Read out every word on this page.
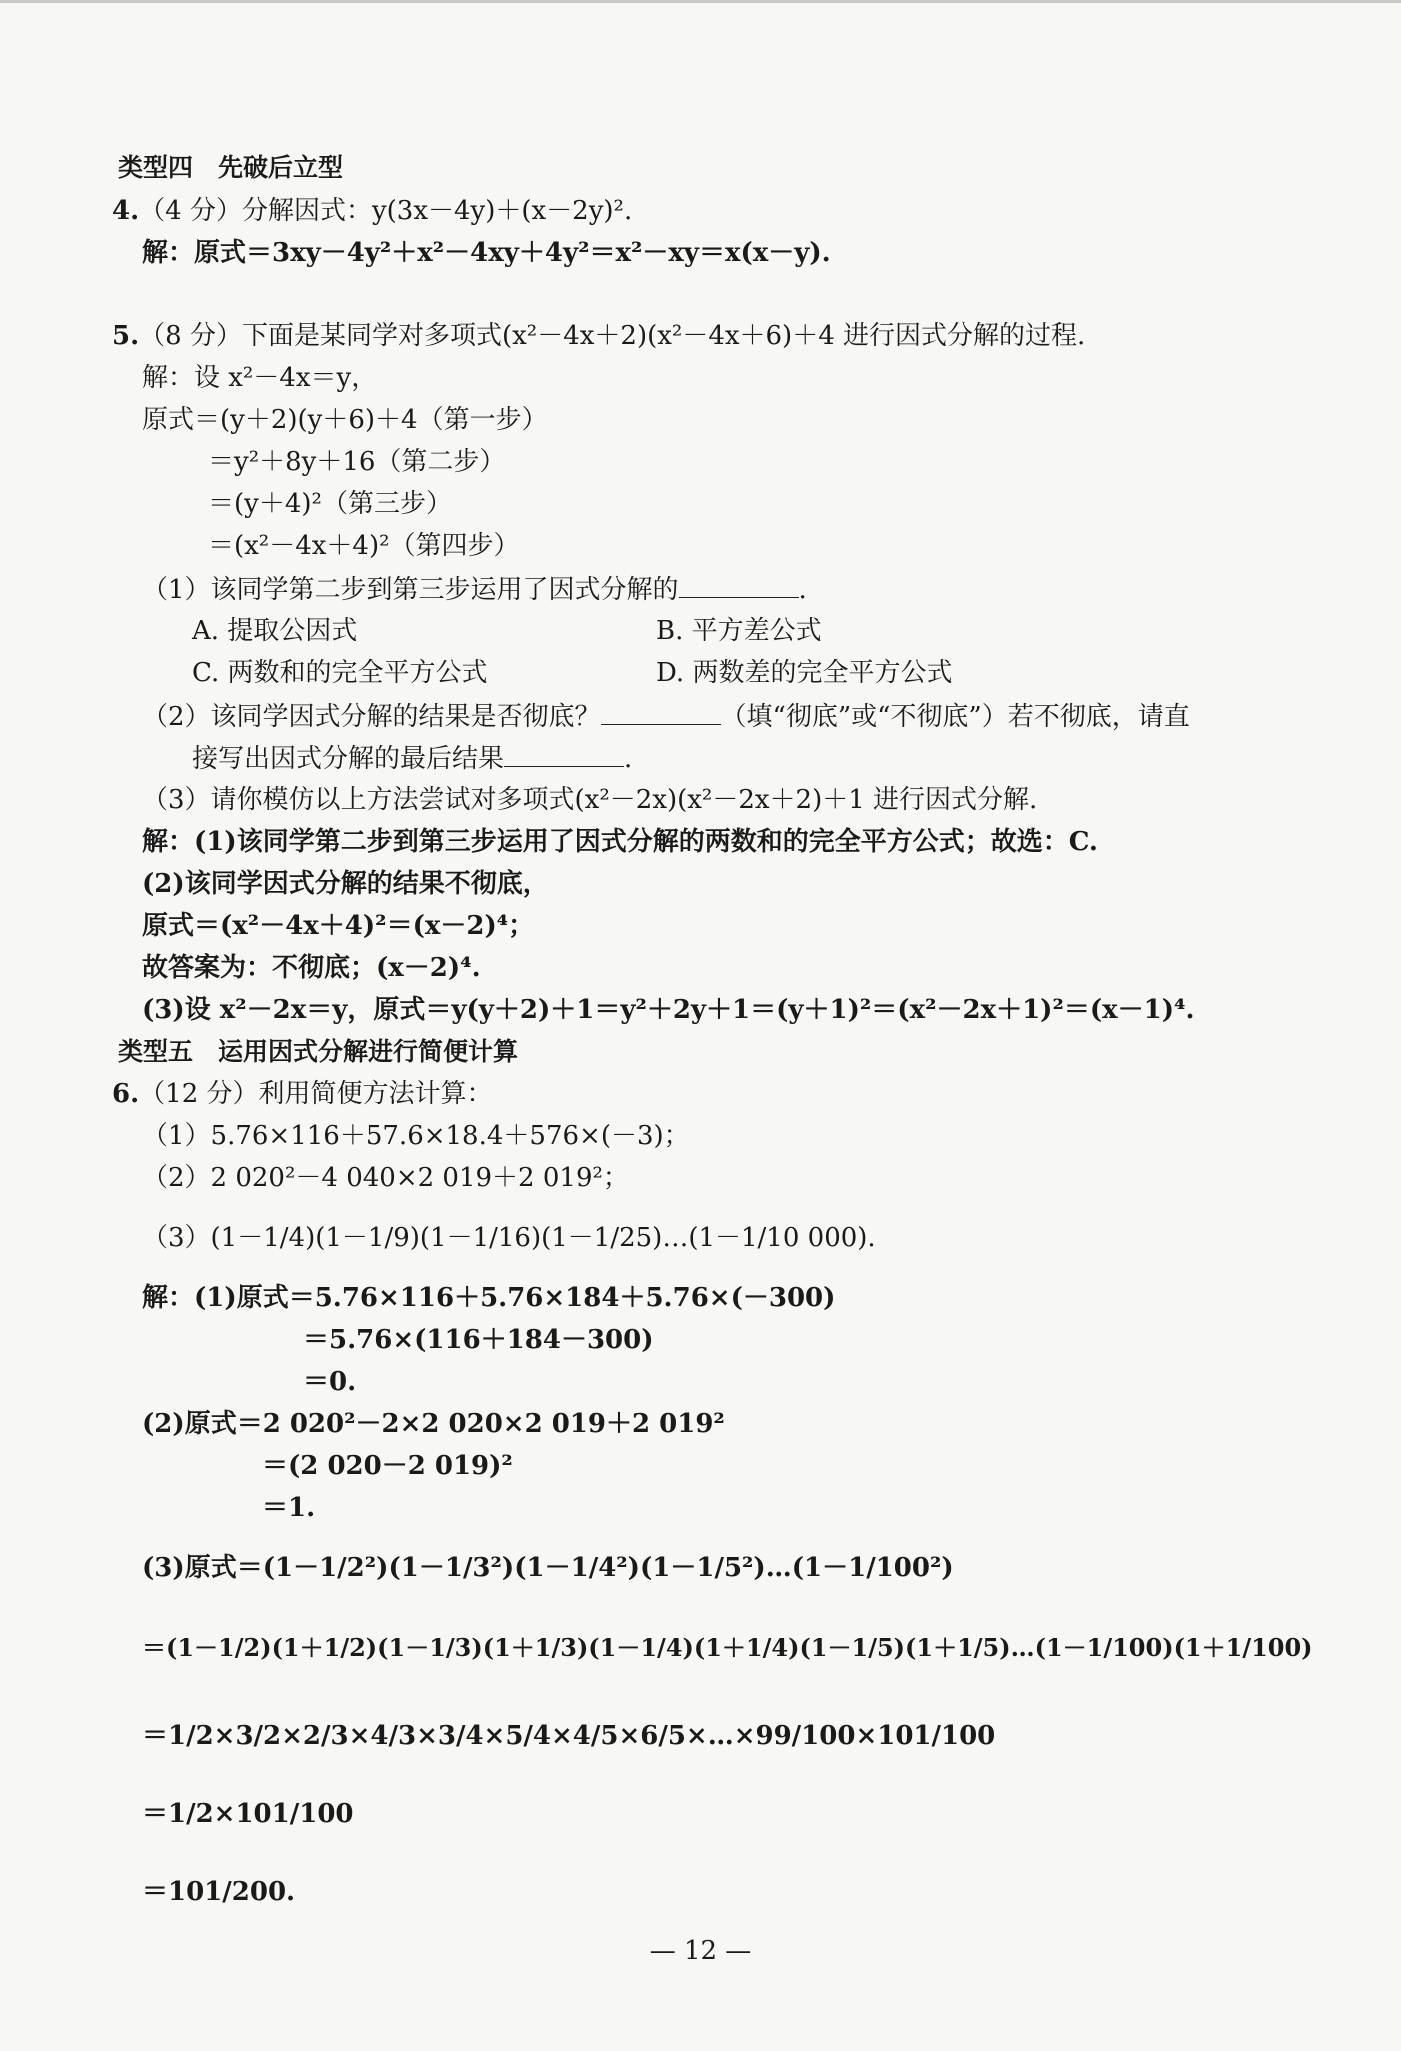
类型四　先破后立型
4.（4 分）分解因式：y(3x－4y)＋(x－2y)².
解：原式＝3xy－4y²＋x²－4xy＋4y²＝x²－xy＝x(x－y).
5.（8 分）下面是某同学对多项式(x²－4x＋2)(x²－4x＋6)＋4 进行因式分解的过程.
解：设 x²－4x＝y，
原式＝(y＋2)(y＋6)＋4（第一步）
＝y²＋8y＋16（第二步）
＝(y＋4)²（第三步）
＝(x²－4x＋4)²（第四步）
（1）该同学第二步到第三步运用了因式分解的	.
A. 提取公因式	B. 平方差公式
C. 两数和的完全平方公式	D. 两数差的完全平方公式
（2）该同学因式分解的结果是否彻底？	（填“彻底”或“不彻底”）若不彻底，请直
接写出因式分解的最后结果	.
（3）请你模仿以上方法尝试对多项式(x²－2x)(x²－2x＋2)＋1 进行因式分解.
解：(1)该同学第二步到第三步运用了因式分解的两数和的完全平方公式；故选：C.
(2)该同学因式分解的结果不彻底，
原式＝(x²－4x＋4)²＝(x－2)⁴；
故答案为：不彻底；(x－2)⁴.
(3)设 x²－2x＝y，原式＝y(y＋2)＋1＝y²＋2y＋1＝(y＋1)²＝(x²－2x＋1)²＝(x－1)⁴.
类型五　运用因式分解进行简便计算
6.（12 分）利用简便方法计算：
（1）5.76×116＋57.6×18.4＋576×(－3)；
（2）2 020²－4 040×2 019＋2 019²；
（3）(1－1/4)(1－1/9)(1－1/16)(1－1/25)…(1－1/10 000).
解：(1)原式＝5.76×116＋5.76×184＋5.76×(－300)
＝5.76×(116＋184－300)
＝0.
(2)原式＝2 020²－2×2 020×2 019＋2 019²
＝(2 020－2 019)²
＝1.
(3)原式＝(1－1/2²)(1－1/3²)(1－1/4²)(1－1/5²)…(1－1/100²)
＝(1－1/2)(1＋1/2)(1－1/3)(1＋1/3)(1－1/4)(1＋1/4)(1－1/5)(1＋1/5)…(1－1/100)(1＋1/100)
＝1/2×3/2×2/3×4/3×3/4×5/4×4/5×6/5×…×99/100×101/100
＝1/2×101/100
＝101/200.
— 12 —
